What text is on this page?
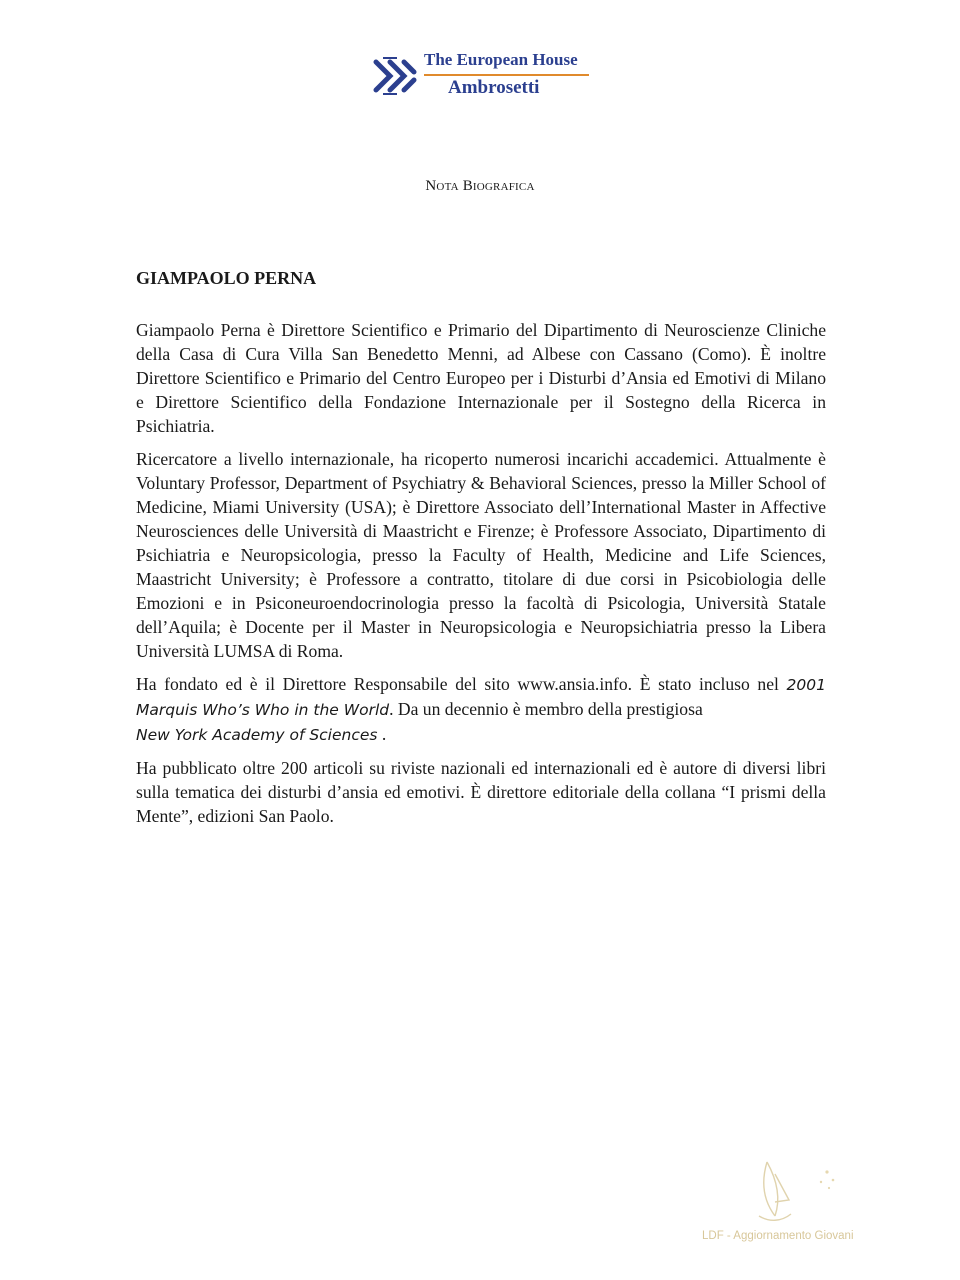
The European House
Ambrosetti
Nota Biografica
GIAMPAOLO PERNA

Giampaolo Perna è Direttore Scientifico e Primario del Dipartimento di Neuroscienze Cliniche della Casa di Cura Villa San Benedetto Menni, ad Albese con Cassano (Como). È inoltre Direttore Scientifico e Primario del Centro Europeo per i Disturbi d’Ansia ed Emotivi di Milano e Direttore Scientifico della Fondazione Internazionale per il Sostegno della Ricerca in Psichiatria.

Ricercatore a livello internazionale, ha ricoperto numerosi incarichi accademici. Attualmente è Voluntary Professor, Department of Psychiatry & Behavioral Sciences, presso la Miller School of Medicine, Miami University (USA); è Direttore Associato dell’International Master in Affective Neurosciences delle Università di Maastricht e Firenze; è Professore Associato, Dipartimento di Psichiatria e Neuropsicologia, presso la Faculty of Health, Medicine and Life Sciences, Maastricht University; è Professore a contratto, titolare di due corsi in Psicobiologia delle Emozioni e in Psiconeuroendocrinologia presso la facoltà di Psicologia, Università Statale dell’Aquila; è Docente per il Master in Neuropsicologia e Neuropsichiatria presso la Libera Università LUMSA di Roma.

Ha fondato ed è il Direttore Responsabile del sito www.ansia.info. È stato incluso nel 2001 Marquis Who’s Who in the World. Da un decennio è membro della prestigiosa
New York Academy of Sciences .

Ha pubblicato oltre 200 articoli su riviste nazionali ed internazionali ed è autore di diversi libri sulla tematica dei disturbi d’ansia ed emotivi. È direttore editoriale della collana “I prismi della Mente”, edizioni San Paolo.

LDF - Aggiornamento Giovani
